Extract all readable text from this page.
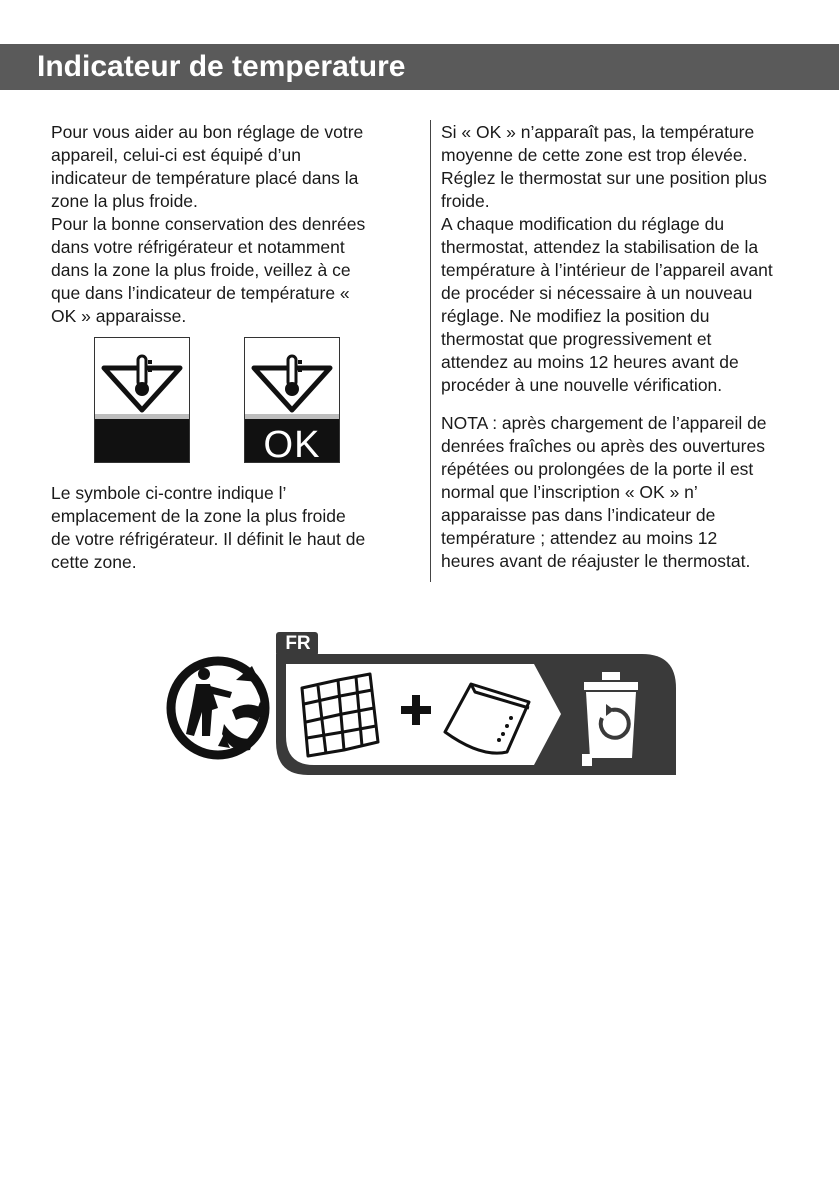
Indicateur de temperature
Pour vous aider au bon réglage de votre
appareil, celui-ci est équipé d’un
indicateur de température placé dans la
zone la plus froide.
Pour la bonne conservation des denrées
dans votre réfrigérateur et notamment
dans la zone la plus froide, veillez à ce
que dans l’indicateur de température «
OK » apparaisse.
OK
Le symbole ci-contre indique l’
emplacement de la zone la plus froide
de votre réfrigérateur. Il définit le haut de
cette zone.
Si « OK » n’apparaît pas, la température
moyenne de cette zone est trop élevée.
Réglez le thermostat sur une position plus
froide.
A chaque modification du réglage du
thermostat, attendez la stabilisation de la
température à l’intérieur de l’appareil avant
de procéder si nécessaire à un nouveau
réglage. Ne modifiez la position du
thermostat que progressivement et
attendez au moins 12 heures avant de
procéder à une nouvelle vérification.
NOTA : après chargement de l’appareil de
denrées fraîches ou après des ouvertures
répétées ou prolongées de la porte il est
normal que l’inscription « OK » n’
apparaisse pas dans l’indicateur de
température ; attendez au moins 12
heures avant de réajuster le thermostat.
FR
